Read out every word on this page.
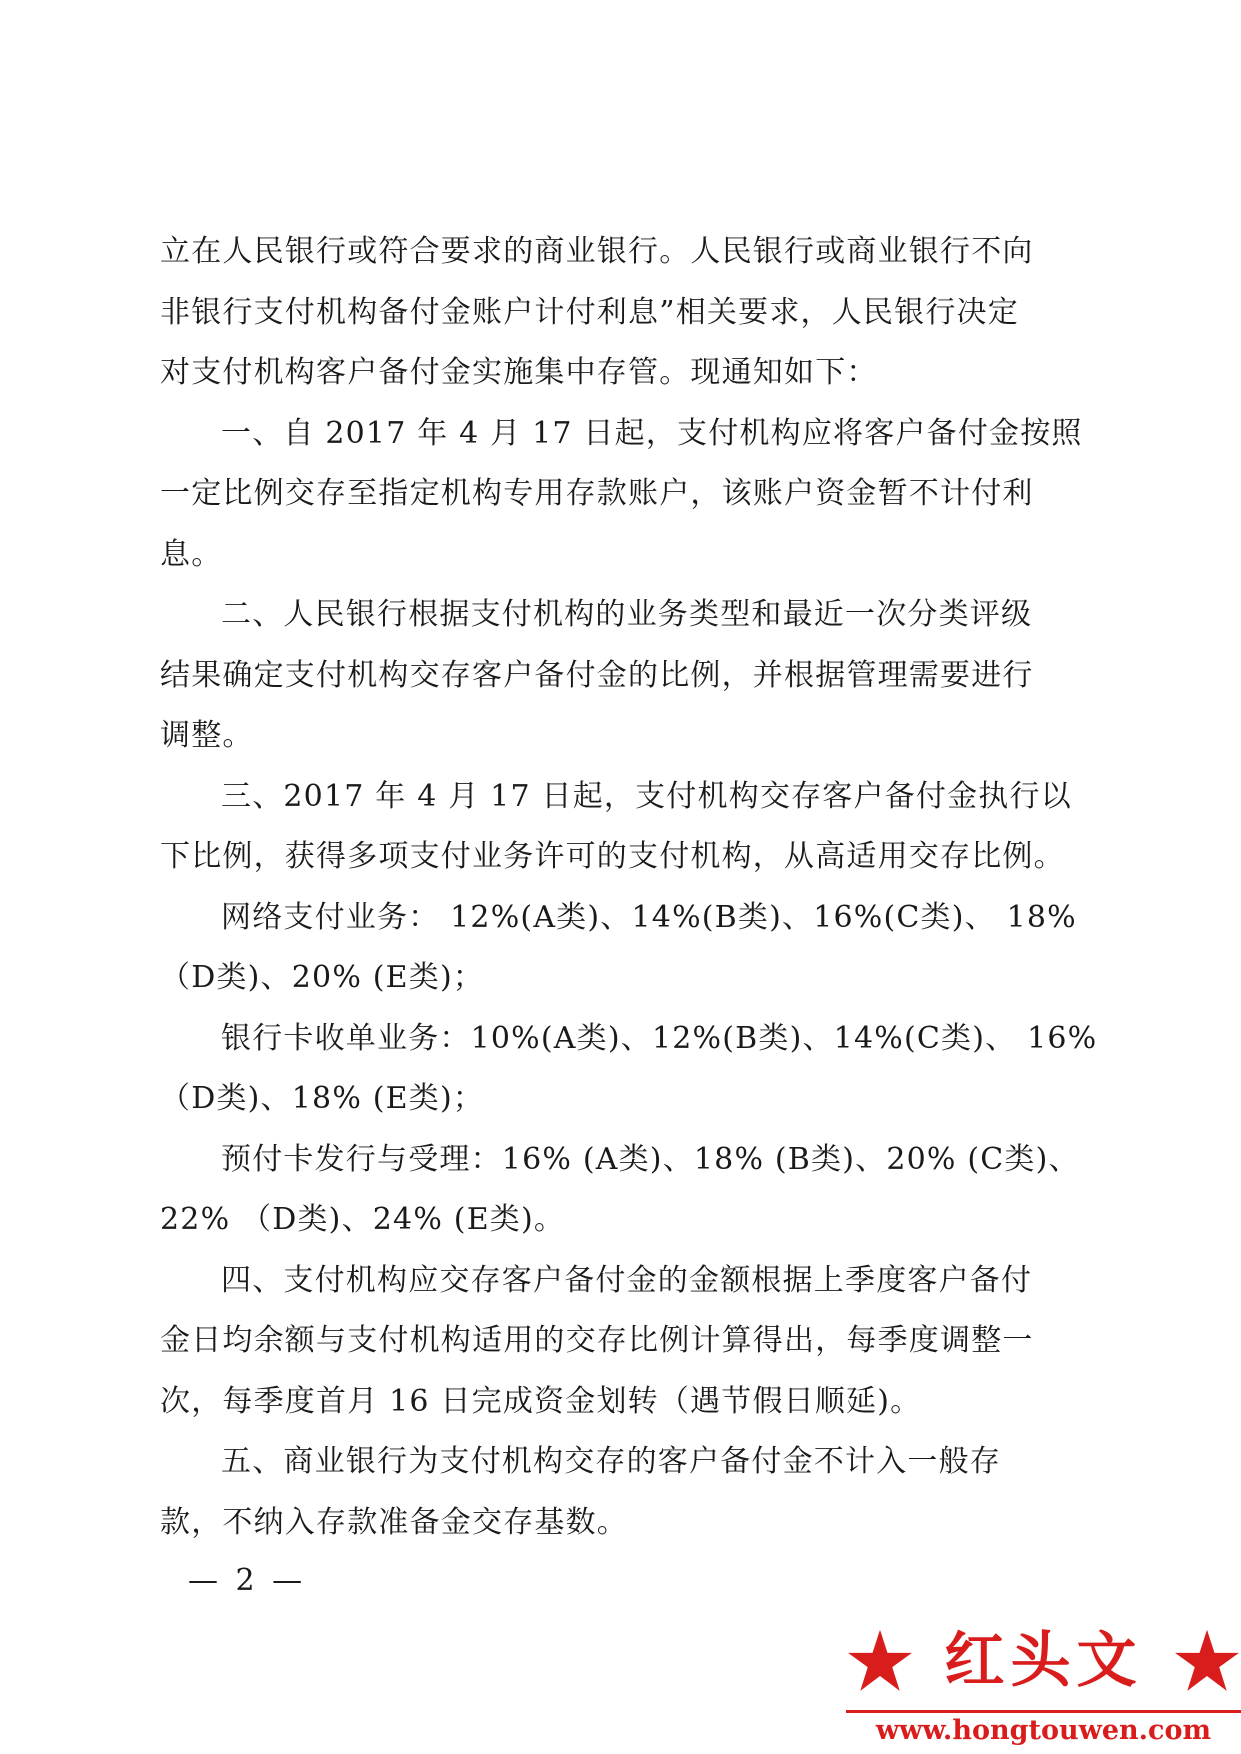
立在人民银行或符合要求的商业银行。人民银行或商业银行不向
非银行支付机构备付金账户计付利息”相关要求，人民银行决定
对支付机构客户备付金实施集中存管。现通知如下：
一、自 2017 年 4 月 17 日起，支付机构应将客户备付金按照
一定比例交存至指定机构专用存款账户，该账户资金暂不计付利
息。
二、人民银行根据支付机构的业务类型和最近一次分类评级
结果确定支付机构交存客户备付金的比例，并根据管理需要进行
调整。
三、2017 年 4 月 17 日起，支付机构交存客户备付金执行以
下比例，获得多项支付业务许可的支付机构，从高适用交存比例。
网络支付业务： 12%(A类)、14%(B类)、16%(C类)、 18%
（D类)、20% (E类)；
银行卡收单业务：10%(A类)、12%(B类)、14%(C类)、 16%
（D类)、18% (E类)；
预付卡发行与受理：16% (A类)、18% (B类)、20% (C类)、
22% （D类)、24% (E类)。
四、支付机构应交存客户备付金的金额根据上季度客户备付
金日均余额与支付机构适用的交存比例计算得出，每季度调整一
次，每季度首月 16 日完成资金划转（遇节假日顺延)。
五、商业银行为支付机构交存的客户备付金不计入一般存
款，不纳入存款准备金交存基数。
— 2 —
红头文
www.hongtouwen.com
